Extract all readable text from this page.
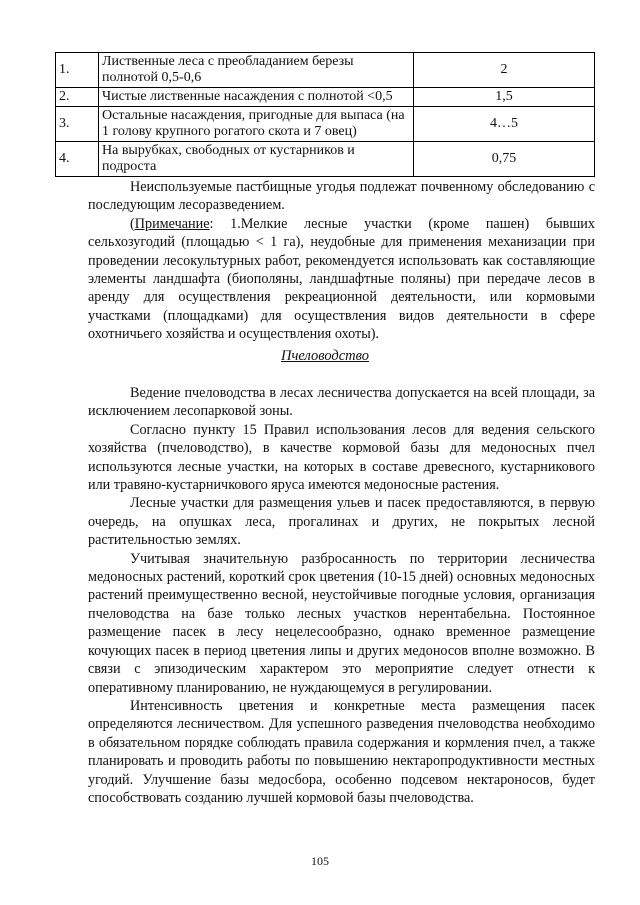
1.	Лиственные леса с преобладанием березы полнотой 0,5-0,6	2
2.	Чистые лиственные насаждения с полнотой <0,5	1,5
3.	Остальные насаждения, пригодные для выпаса (на 1 голову крупного рогатого скота и 7 овец)	4…5
4.	На вырубках, свободных от кустарников и подроста	0,75

Неиспользуемые пастбищные угодья подлежат почвенному обследованию с последующим лесоразведением.

(Примечание: 1.Мелкие лесные участки (кроме пашен) бывших сельхозугодий (площадью < 1 га), неудобные для применения механизации при проведении лесокультурных работ, рекомендуется использовать как составляющие элементы ландшафта (биополяны, ландшафтные поляны) при передаче лесов в аренду для осуществления рекреационной деятельности, или кормовыми участками (площадками) для осуществления видов деятельности в сфере охотничьего хозяйства и осуществления охоты).

Пчеловодство

Ведение пчеловодства в лесах лесничества допускается на всей площади, за исключением лесопарковой зоны.

Согласно пункту 15 Правил использования лесов для ведения сельского хозяйства (пчеловодство), в качестве кормовой базы для медоносных пчел используются лесные участки, на которых в составе древесного, кустарникового или травяно-кустарничкового яруса имеются медоносные растения.

Лесные участки для размещения ульев и пасек предоставляются, в первую очередь, на опушках леса, прогалинах и других, не покрытых лесной растительностью землях.

Учитывая значительную разбросанность по территории лесничества медоносных растений, короткий срок цветения (10-15 дней) основных медоносных растений преимущественно весной, неустойчивые погодные условия, организация пчеловодства на базе только лесных участков нерентабельна. Постоянное размещение пасек в лесу нецелесообразно, однако временное размещение кочующих пасек в период цветения липы и других медоносов вполне возможно. В связи с эпизодическим характером это мероприятие следует отнести к оперативному планированию, не нуждающемуся в регулировании.

Интенсивность цветения и конкретные места размещения пасек определяются лесничеством. Для успешного разведения пчеловодства необходимо в обязательном порядке соблюдать правила содержания и кормления пчел, а также планировать и проводить работы по повышению нектаропродуктивности местных угодий. Улучшение базы медосбора, особенно подсевом нектароносов, будет способствовать созданию лучшей кормовой базы пчеловодства.

105
